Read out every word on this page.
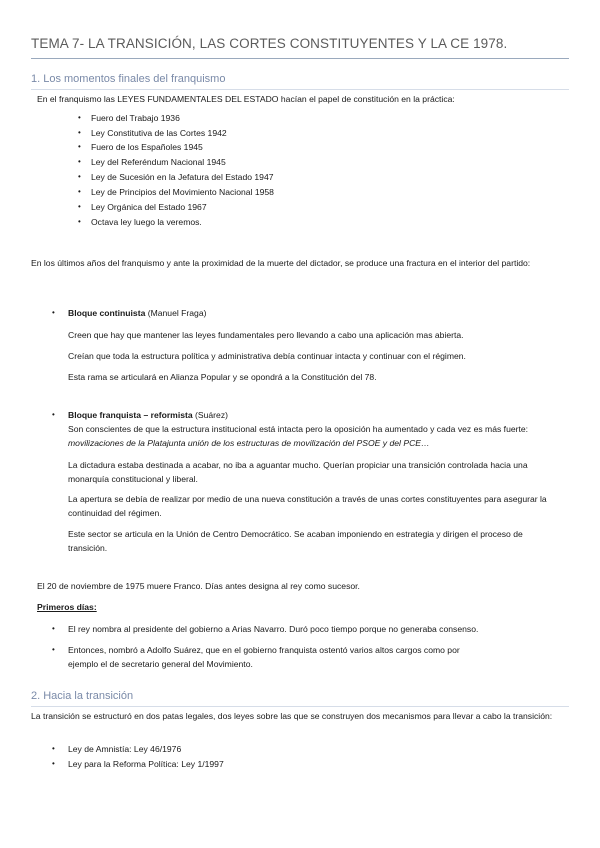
TEMA 7- LA TRANSICIÓN, LAS CORTES CONSTITUYENTES Y LA CE 1978.
1. Los momentos finales del franquismo
En el franquismo las LEYES FUNDAMENTALES DEL ESTADO hacían el papel de constitución en la práctica:
• Fuero del Trabajo 1936
• Ley Constitutiva de las Cortes 1942
• Fuero de los Españoles 1945
• Ley del Referéndum Nacional 1945
• Ley de Sucesión en la Jefatura del Estado 1947
• Ley de Principios del Movimiento Nacional 1958
• Ley Orgánica del Estado 1967
• Octava ley luego la veremos.
En los últimos años del franquismo y ante la proximidad de la muerte del dictador, se produce una fractura en el interior del partido:
• Bloque continuista (Manuel Fraga)
Creen que hay que mantener las leyes fundamentales pero llevando a cabo una aplicación mas abierta.
Creían que toda la estructura política y administrativa debía continuar intacta y continuar con el régimen.
Esta rama se articulará en Alianza Popular y se opondrá a la Constitución del 78.
• Bloque franquista – reformista (Suárez)
Son conscientes de que la estructura institucional está intacta pero la oposición ha aumentado y cada vez es más fuerte: movilizaciones de la Platajunta unión de los estructuras de movilización del PSOE y del PCE…
La dictadura estaba destinada a acabar, no iba a aguantar mucho. Querían propiciar una transición controlada hacia una monarquía constitucional y liberal.
La apertura se debía de realizar por medio de una nueva constitución a través de unas cortes constituyentes para asegurar la continuidad del régimen.
Este sector se articula en la Unión de Centro Democrático. Se acaban imponiendo en estrategia y dirigen el proceso de transición.
El 20 de noviembre de 1975 muere Franco. Días antes designa al rey como sucesor.
Primeros días:
• El rey nombra al presidente del gobierno a Arias Navarro. Duró poco tiempo porque no generaba consenso.
• Entonces, nombró a Adolfo Suárez, que en el gobierno franquista ostentó varios altos cargos como por ejemplo el de secretario general del Movimiento.
2. Hacia la transición
La transición se estructuró en dos patas legales, dos leyes sobre las que se construyen dos mecanismos para llevar a cabo la transición:
• Ley de Amnistía: Ley 46/1976
• Ley para la Reforma Política: Ley 1/1997
